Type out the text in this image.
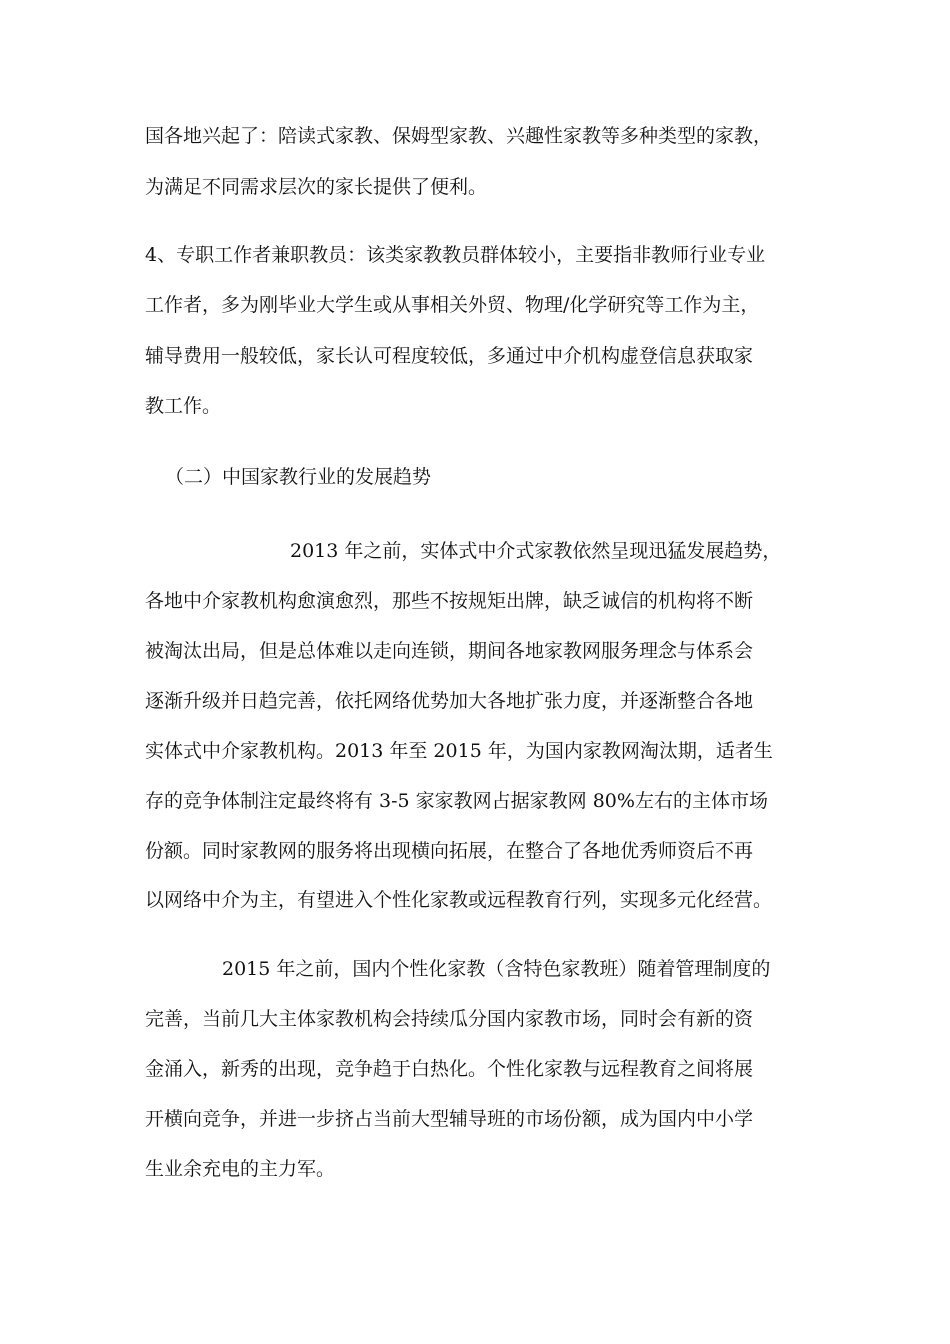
国各地兴起了：陪读式家教、保姆型家教、兴趣性家教等多种类型的家教，

为满足不同需求层次的家长提供了便利。

4、专职工作者兼职教员：该类家教教员群体较小，主要指非教师行业专业

工作者，多为刚毕业大学生或从事相关外贸、物理/化学研究等工作为主，

辅导费用一般较低，家长认可程度较低，多通过中介机构虚登信息获取家

教工作。

（二）中国家教行业的发展趋势

2013 年之前，实体式中介式家教依然呈现迅猛发展趋势，

各地中介家教机构愈演愈烈，那些不按规矩出牌，缺乏诚信的机构将不断

被淘汰出局，但是总体难以走向连锁，期间各地家教网服务理念与体系会

逐渐升级并日趋完善，依托网络优势加大各地扩张力度，并逐渐整合各地

实体式中介家教机构。2013 年至 2015 年，为国内家教网淘汰期，适者生

存的竞争体制注定最终将有 3-5 家家教网占据家教网 80%左右的主体市场

份额。同时家教网的服务将出现横向拓展，在整合了各地优秀师资后不再

以网络中介为主，有望进入个性化家教或远程教育行列，实现多元化经营。

2015 年之前，国内个性化家教（含特色家教班）随着管理制度的

完善，当前几大主体家教机构会持续瓜分国内家教市场，同时会有新的资

金涌入，新秀的出现，竞争趋于白热化。个性化家教与远程教育之间将展

开横向竞争，并进一步挤占当前大型辅导班的市场份额，成为国内中小学

生业余充电的主力军。
